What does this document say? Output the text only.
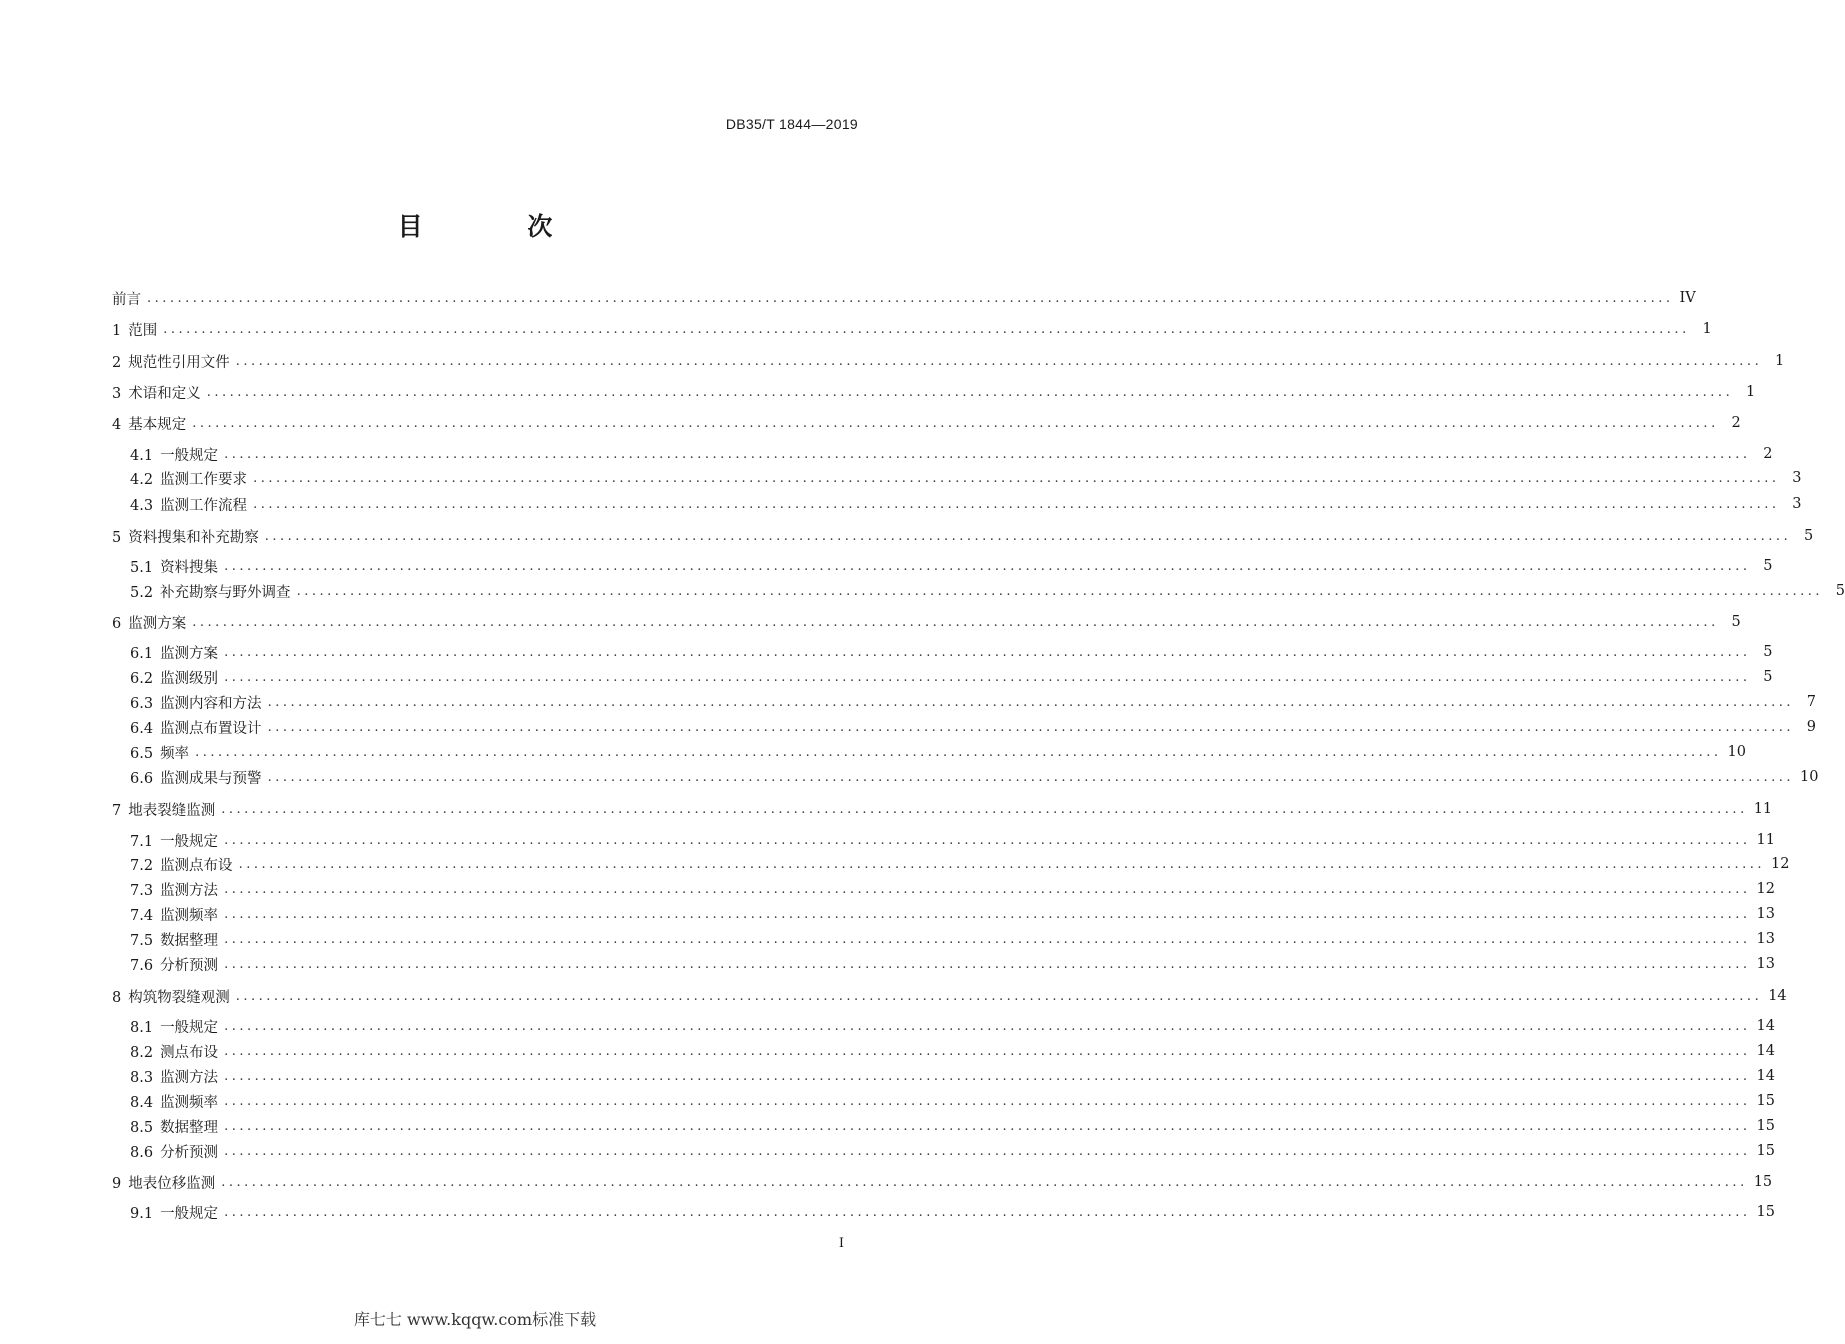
DB35/T 1844—2019
目 次
前言 ........................................................................................................................................................................................................ IV
1 范围 ........................................................................................................................................................................................................ 1
2 规范性引用文件 ........................................................................................................................................................................................................ 1
3 术语和定义 ........................................................................................................................................................................................................ 1
4 基本规定 ........................................................................................................................................................................................................ 2
4.1 一般规定 ........................................................................................................................................................................................................ 2
4.2 监测工作要求 ........................................................................................................................................................................................................ 3
4.3 监测工作流程 ........................................................................................................................................................................................................ 3
5 资料搜集和补充勘察 ........................................................................................................................................................................................................ 5
5.1 资料搜集 ........................................................................................................................................................................................................ 5
5.2 补充勘察与野外调查 ........................................................................................................................................................................................................ 5
6 监测方案 ........................................................................................................................................................................................................ 5
6.1 监测方案 ........................................................................................................................................................................................................ 5
6.2 监测级别 ........................................................................................................................................................................................................ 5
6.3 监测内容和方法 ........................................................................................................................................................................................................ 7
6.4 监测点布置设计 ........................................................................................................................................................................................................ 9
6.5 频率 ........................................................................................................................................................................................................ 10
6.6 监测成果与预警 ........................................................................................................................................................................................................ 10
7 地表裂缝监测 ........................................................................................................................................................................................................ 11
7.1 一般规定 ........................................................................................................................................................................................................ 11
7.2 监测点布设 ........................................................................................................................................................................................................ 12
7.3 监测方法 ........................................................................................................................................................................................................ 12
7.4 监测频率 ........................................................................................................................................................................................................ 13
7.5 数据整理 ........................................................................................................................................................................................................ 13
7.6 分析预测 ........................................................................................................................................................................................................ 13
8 构筑物裂缝观测 ........................................................................................................................................................................................................ 14
8.1 一般规定 ........................................................................................................................................................................................................ 14
8.2 测点布设 ........................................................................................................................................................................................................ 14
8.3 监测方法 ........................................................................................................................................................................................................ 14
8.4 监测频率 ........................................................................................................................................................................................................ 15
8.5 数据整理 ........................................................................................................................................................................................................ 15
8.6 分析预测 ........................................................................................................................................................................................................ 15
9 地表位移监测 ........................................................................................................................................................................................................ 15
9.1 一般规定 ........................................................................................................................................................................................................ 15
I
库七七 www.kqqw.com标准下载
